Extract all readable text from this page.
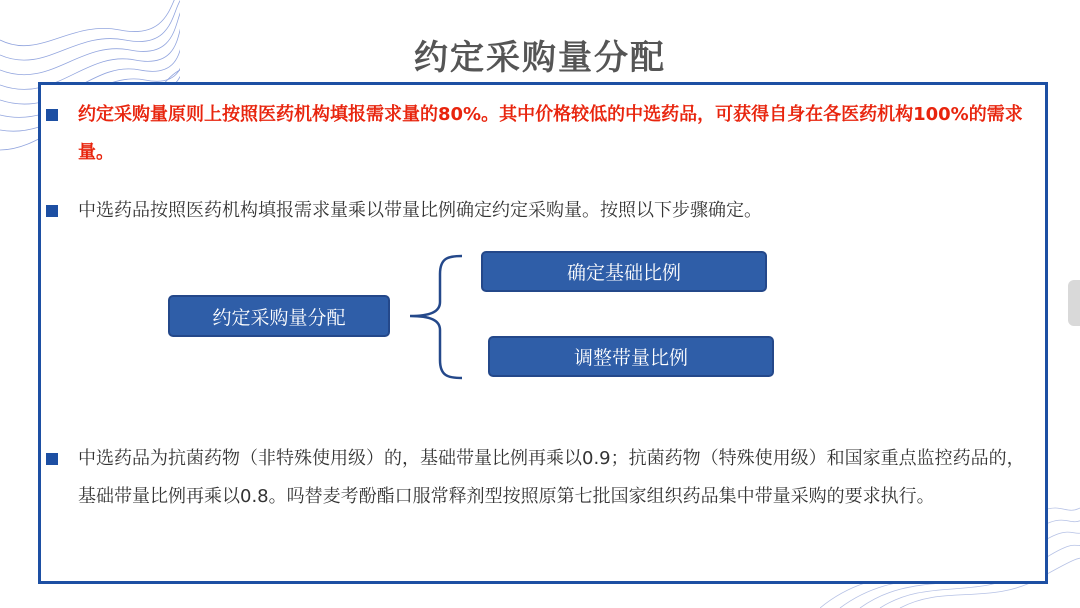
约定采购量分配
约定采购量原则上按照医药机构填报需求量的80%。其中价格较低的中选药品，可获得自身在各医药机构100%的需求量。
中选药品按照医药机构填报需求量乘以带量比例确定约定采购量。按照以下步骤确定。
约定采购量分配
确定基础比例
调整带量比例
中选药品为抗菌药物（非特殊使用级）的，基础带量比例再乘以0.9；抗菌药物（特殊使用级）和国家重点监控药品的，基础带量比例再乘以0.8。吗替麦考酚酯口服常释剂型按照原第七批国家组织药品集中带量采购的要求执行。
